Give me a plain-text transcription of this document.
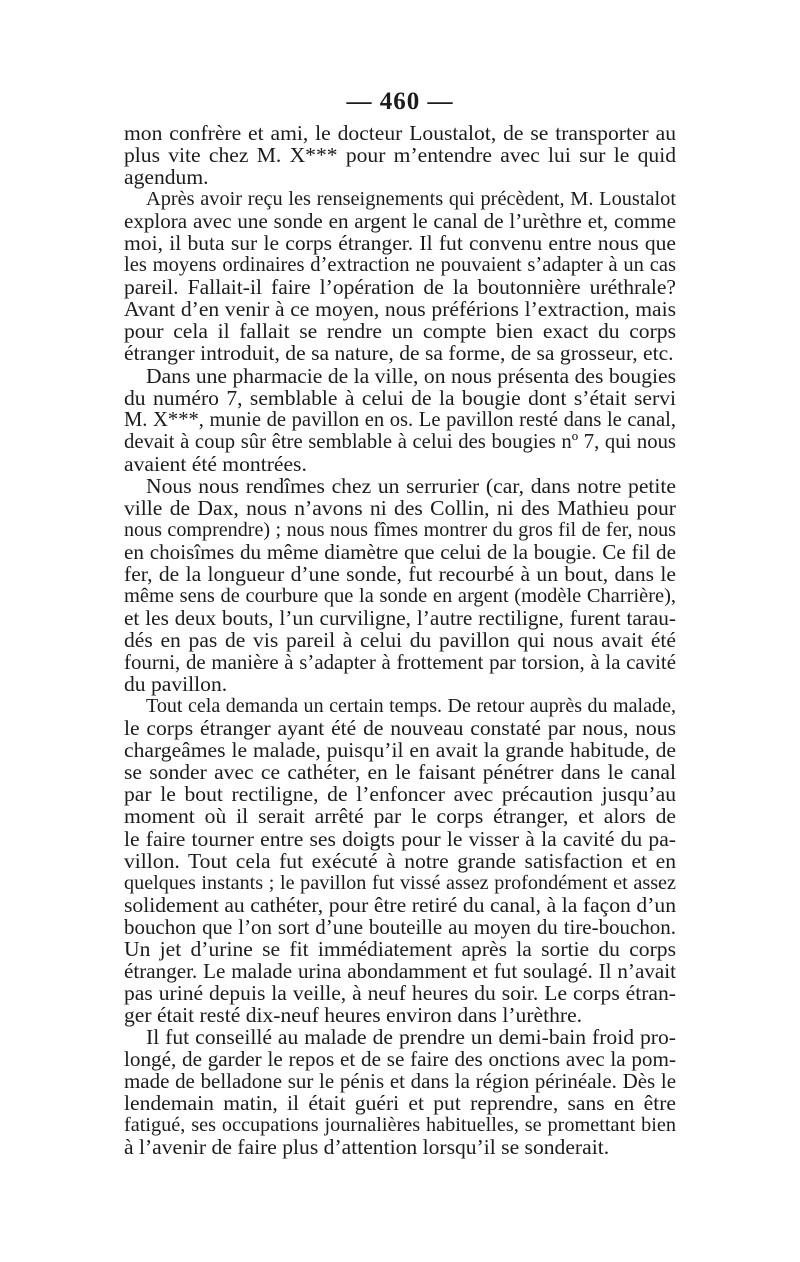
— 460 —
mon confrère et ami, le docteur Loustalot, de se transporter au
plus vite chez M. X*** pour m’entendre avec lui sur le quid
agendum.
Après avoir reçu les renseignements qui précèdent, M. Loustalot
explora avec une sonde en argent le canal de l’urèthre et, comme
moi, il buta sur le corps étranger. Il fut convenu entre nous que
les moyens ordinaires d’extraction ne pouvaient s’adapter à un cas
pareil. Fallait-il faire l’opération de la boutonnière uréthrale?
Avant d’en venir à ce moyen, nous préférions l’extraction, mais
pour cela il fallait se rendre un compte bien exact du corps
étranger introduit, de sa nature, de sa forme, de sa grosseur, etc.
Dans une pharmacie de la ville, on nous présenta des bougies
du numéro 7, semblable à celui de la bougie dont s’était servi
M. X***, munie de pavillon en os. Le pavillon resté dans le canal,
devait à coup sûr être semblable à celui des bougies nº 7, qui nous
avaient été montrées.
Nous nous rendîmes chez un serrurier (car, dans notre petite
ville de Dax, nous n’avons ni des Collin, ni des Mathieu pour
nous comprendre) ; nous nous fîmes montrer du gros fil de fer, nous
en choisîmes du même diamètre que celui de la bougie. Ce fil de
fer, de la longueur d’une sonde, fut recourbé à un bout, dans le
même sens de courbure que la sonde en argent (modèle Charrière),
et les deux bouts, l’un curviligne, l’autre rectiligne, furent tarau-
dés en pas de vis pareil à celui du pavillon qui nous avait été
fourni, de manière à s’adapter à frottement par torsion, à la cavité
du pavillon.
Tout cela demanda un certain temps. De retour auprès du malade,
le corps étranger ayant été de nouveau constaté par nous, nous
chargeâmes le malade, puisqu’il en avait la grande habitude, de
se sonder avec ce cathéter, en le faisant pénétrer dans le canal
par le bout rectiligne, de l’enfoncer avec précaution jusqu’au
moment où il serait arrêté par le corps étranger, et alors de
le faire tourner entre ses doigts pour le visser à la cavité du pa-
villon. Tout cela fut exécuté à notre grande satisfaction et en
quelques instants ; le pavillon fut vissé assez profondément et assez
solidement au cathéter, pour être retiré du canal, à la façon d’un
bouchon que l’on sort d’une bouteille au moyen du tire-bouchon.
Un jet d’urine se fit immédiatement après la sortie du corps
étranger. Le malade urina abondamment et fut soulagé. Il n’avait
pas uriné depuis la veille, à neuf heures du soir. Le corps étran-
ger était resté dix-neuf heures environ dans l’urèthre.
Il fut conseillé au malade de prendre un demi-bain froid pro-
longé, de garder le repos et de se faire des onctions avec la pom-
made de belladone sur le pénis et dans la région périnéale. Dès le
lendemain matin, il était guéri et put reprendre, sans en être
fatigué, ses occupations journalières habituelles, se promettant bien
à l’avenir de faire plus d’attention lorsqu’il se sonderait.
